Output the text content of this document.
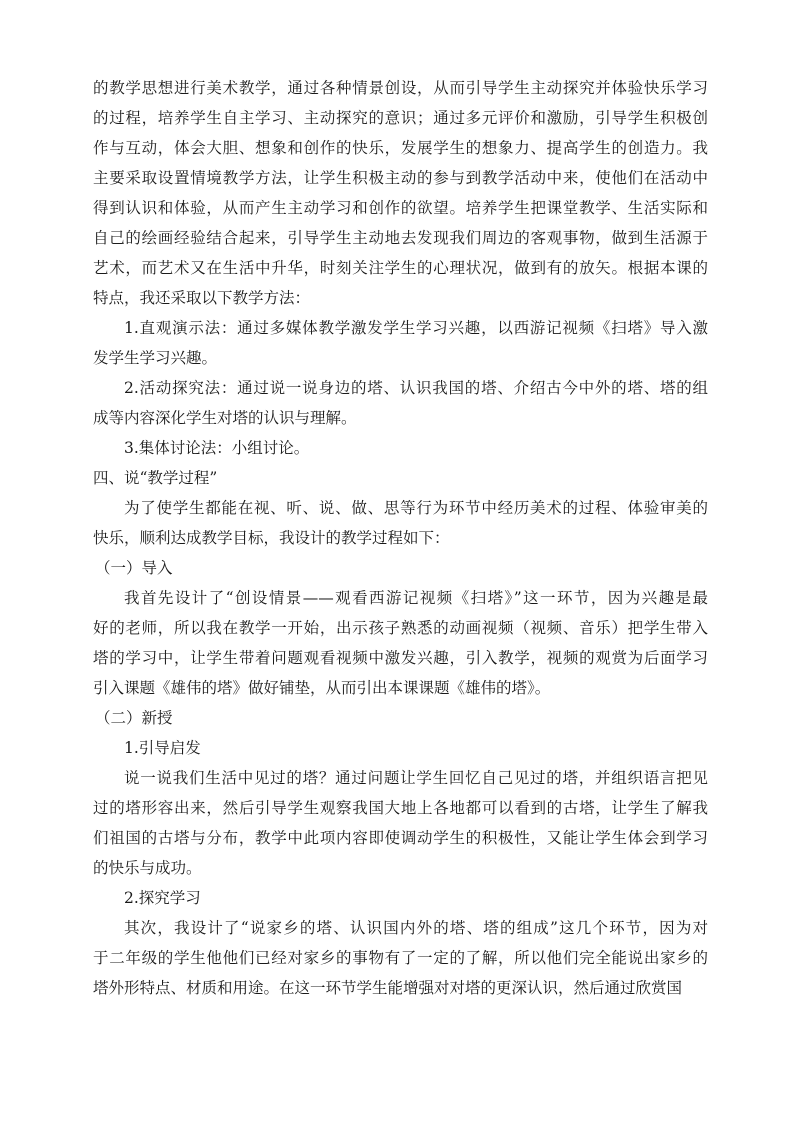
的教学思想进行美术教学，通过各种情景创设，从而引导学生主动探究并体验快乐学习
的过程，培养学生自主学习、主动探究的意识；通过多元评价和激励，引导学生积极创
作与互动，体会大胆、想象和创作的快乐，发展学生的想象力、提高学生的创造力。我
主要采取设置情境教学方法，让学生积极主动的参与到教学活动中来，使他们在活动中
得到认识和体验，从而产生主动学习和创作的欲望。培养学生把课堂教学、生活实际和
自己的绘画经验结合起来，引导学生主动地去发现我们周边的客观事物，做到生活源于
艺术，而艺术又在生活中升华，时刻关注学生的心理状况，做到有的放矢。根据本课的
特点，我还采取以下教学方法：
1.直观演示法：通过多媒体教学激发学生学习兴趣，以西游记视频《扫塔》导入激
发学生学习兴趣。
2.活动探究法：通过说一说身边的塔、认识我国的塔、介绍古今中外的塔、塔的组
成等内容深化学生对塔的认识与理解。
3.集体讨论法：小组讨论。
四、说“教学过程”
为了使学生都能在视、听、说、做、思等行为环节中经历美术的过程、体验审美的
快乐，顺利达成教学目标，我设计的教学过程如下：
（一）导入
我首先设计了“创设情景——观看西游记视频《扫塔》”这一环节，因为兴趣是最
好的老师，所以我在教学一开始，出示孩子熟悉的动画视频（视频、音乐）把学生带入
塔的学习中，让学生带着问题观看视频中激发兴趣，引入教学，视频的观赏为后面学习
引入课题《雄伟的塔》做好铺垫，从而引出本课课题《雄伟的塔》。
（二）新授
1.引导启发
说一说我们生活中见过的塔？通过问题让学生回忆自己见过的塔，并组织语言把见
过的塔形容出来，然后引导学生观察我国大地上各地都可以看到的古塔，让学生了解我
们祖国的古塔与分布，教学中此项内容即使调动学生的积极性，又能让学生体会到学习
的快乐与成功。
2.探究学习
其次，我设计了“说家乡的塔、认识国内外的塔、塔的组成”这几个环节，因为对
于二年级的学生他他们已经对家乡的事物有了一定的了解，所以他们完全能说出家乡的
塔外形特点、材质和用途。在这一环节学生能增强对对塔的更深认识，然后通过欣赏国
